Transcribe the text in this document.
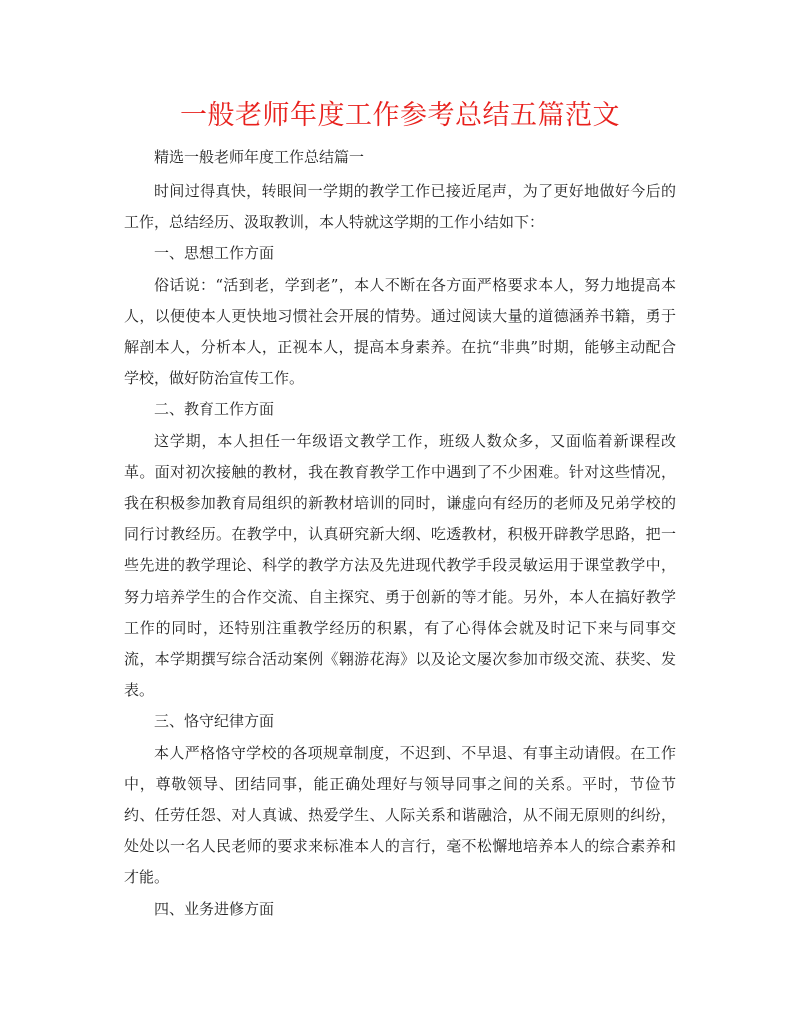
一般老师年度工作参考总结五篇范文

精选一般老师年度工作总结篇一

时间过得真快，转眼间一学期的教学工作已接近尾声，为了更好地做好今后的工作，总结经历、汲取教训，本人特就这学期的工作小结如下：

一、思想工作方面

俗话说：“活到老，学到老”，本人不断在各方面严格要求本人，努力地提高本人，以便使本人更快地习惯社会开展的情势。通过阅读大量的道德涵养书籍，勇于解剖本人，分析本人，正视本人，提高本身素养。在抗“非典”时期，能够主动配合学校，做好防治宣传工作。

二、教育工作方面

这学期，本人担任一年级语文教学工作，班级人数众多，又面临着新课程改革。面对初次接触的教材，我在教育教学工作中遇到了不少困难。针对这些情况，我在积极参加教育局组织的新教材培训的同时，谦虚向有经历的老师及兄弟学校的同行讨教经历。在教学中，认真研究新大纲、吃透教材，积极开辟教学思路，把一些先进的教学理论、科学的教学方法及先进现代教学手段灵敏运用于课堂教学中，努力培养学生的合作交流、自主探究、勇于创新的等才能。另外，本人在搞好教学工作的同时，还特别注重教学经历的积累，有了心得体会就及时记下来与同事交流，本学期撰写综合活动案例《翱游花海》以及论文屡次参加市级交流、获奖、发表。

三、恪守纪律方面

本人严格恪守学校的各项规章制度，不迟到、不早退、有事主动请假。在工作中，尊敬领导、团结同事，能正确处理好与领导同事之间的关系。平时，节俭节约、任劳任怨、对人真诚、热爱学生、人际关系和谐融洽，从不闹无原则的纠纷，处处以一名人民老师的要求来标准本人的言行，毫不松懈地培养本人的综合素养和才能。

四、业务进修方面
